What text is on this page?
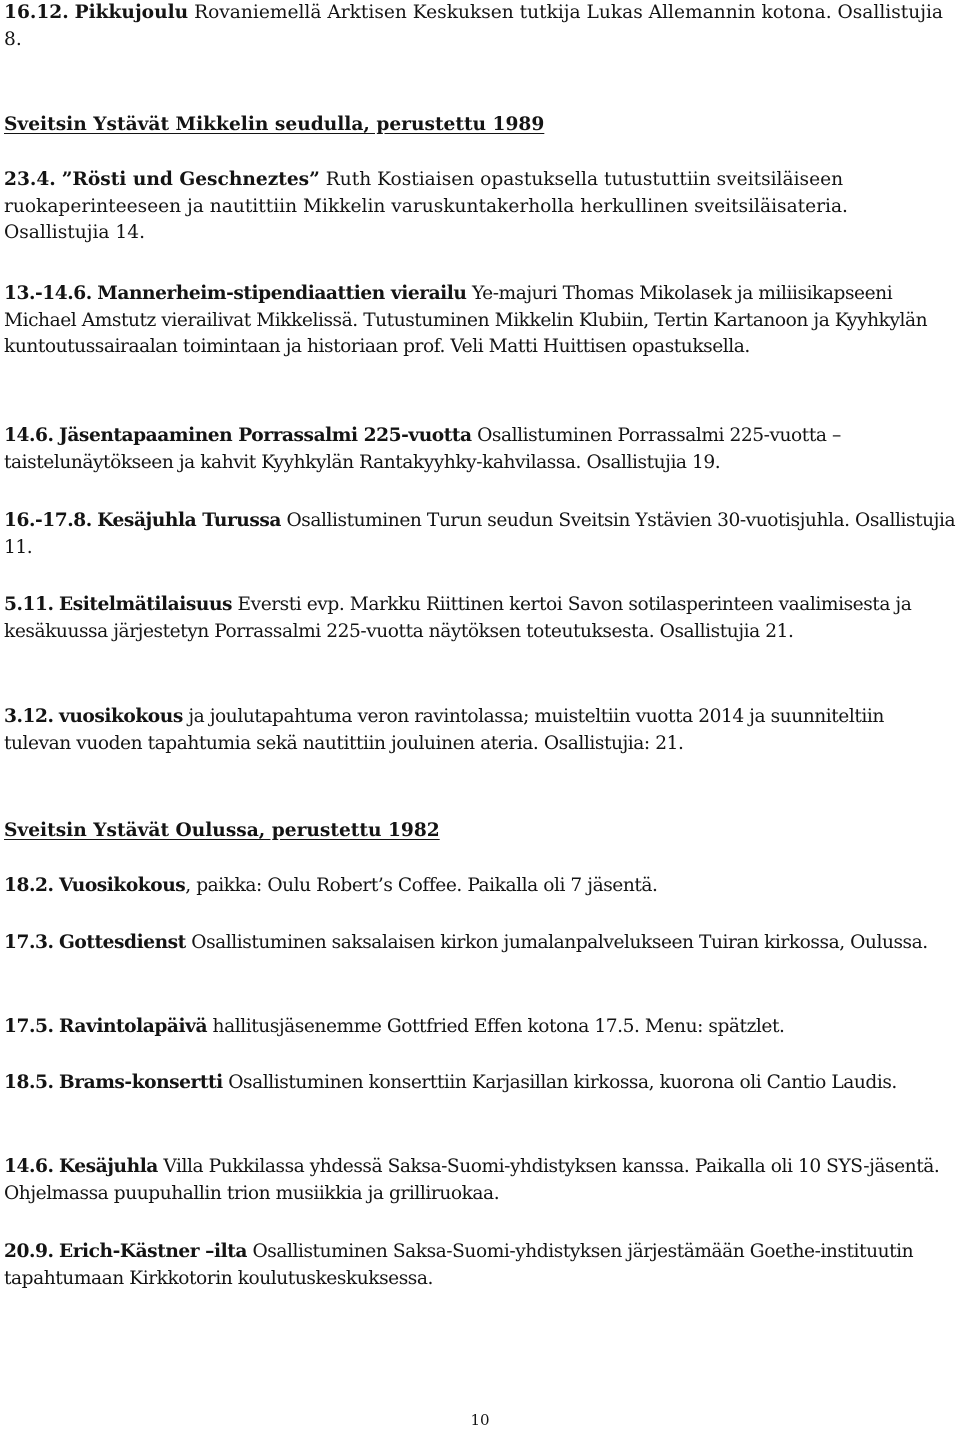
16.12. Pikkujoulu Rovaniemellä Arktisen Keskuksen tutkija Lukas Allemannin kotona. Osallistujia 8.

Sveitsin Ystävät Mikkelin seudulla, perustettu 1989

23.4. ”Rösti und Geschneztes” Ruth Kostiaisen opastuksella tutustuttiin sveitsiläiseen ruokaperinteeseen ja nautittiin Mikkelin varuskuntakerholla herkullinen sveitsiläisateria. Osallistujia 14.

13.-14.6. Mannerheim-stipendiaattien vierailu Ye-majuri Thomas Mikolasek ja miliisikapseeni Michael Amstutz vierailivat Mikkelissä. Tutustuminen Mikkelin Klubiin, Tertin Kartanoon ja Kyyhkylän kuntoutussairaalan toimintaan ja historiaan prof. Veli Matti Huittisen opastuksella.

14.6. Jäsentapaaminen Porrassalmi 225-vuotta Osallistuminen Porrassalmi 225-vuotta – taistelunäytökseen ja kahvit Kyyhkylän Rantakyyhky-kahvilassa. Osallistujia 19.

16.-17.8. Kesäjuhla Turussa Osallistuminen Turun seudun Sveitsin Ystävien 30-vuotisjuhla. Osallistujia 11.

5.11. Esitelmätilaisuus Eversti evp. Markku Riittinen kertoi Savon sotilasperinteen vaalimisesta ja kesäkuussa järjestetyn Porrassalmi 225-vuotta näytöksen toteutuksesta. Osallistujia 21.

3.12. vuosikokous ja joulutapahtuma veron ravintolassa; muisteltiin vuotta 2014 ja suunniteltiin tulevan vuoden tapahtumia sekä nautittiin jouluinen ateria. Osallistujia: 21.

Sveitsin Ystävät Oulussa, perustettu 1982

18.2. Vuosikokous, paikka: Oulu Robert’s Coffee. Paikalla oli 7 jäsentä.

17.3. Gottesdienst Osallistuminen saksalaisen kirkon jumalanpalvelukseen Tuiran kirkossa, Oulussa.

17.5. Ravintolapäivä hallitusjäsenemme Gottfried Effen kotona 17.5. Menu: spätzlet.

18.5. Brams-konsertti Osallistuminen konserttiin Karjasillan kirkossa, kuorona oli Cantio Laudis.

14.6. Kesäjuhla Villa Pukkilassa yhdessä Saksa-Suomi-yhdistyksen kanssa. Paikalla oli 10 SYS-jäsentä. Ohjelmassa puupuhallin trion musiikkia ja grilliruokaa.

20.9. Erich-Kästner –ilta Osallistuminen Saksa-Suomi-yhdistyksen järjestämään Goethe-instituutin tapahtumaan Kirkkotorin koulutuskeskuksessa.

10
